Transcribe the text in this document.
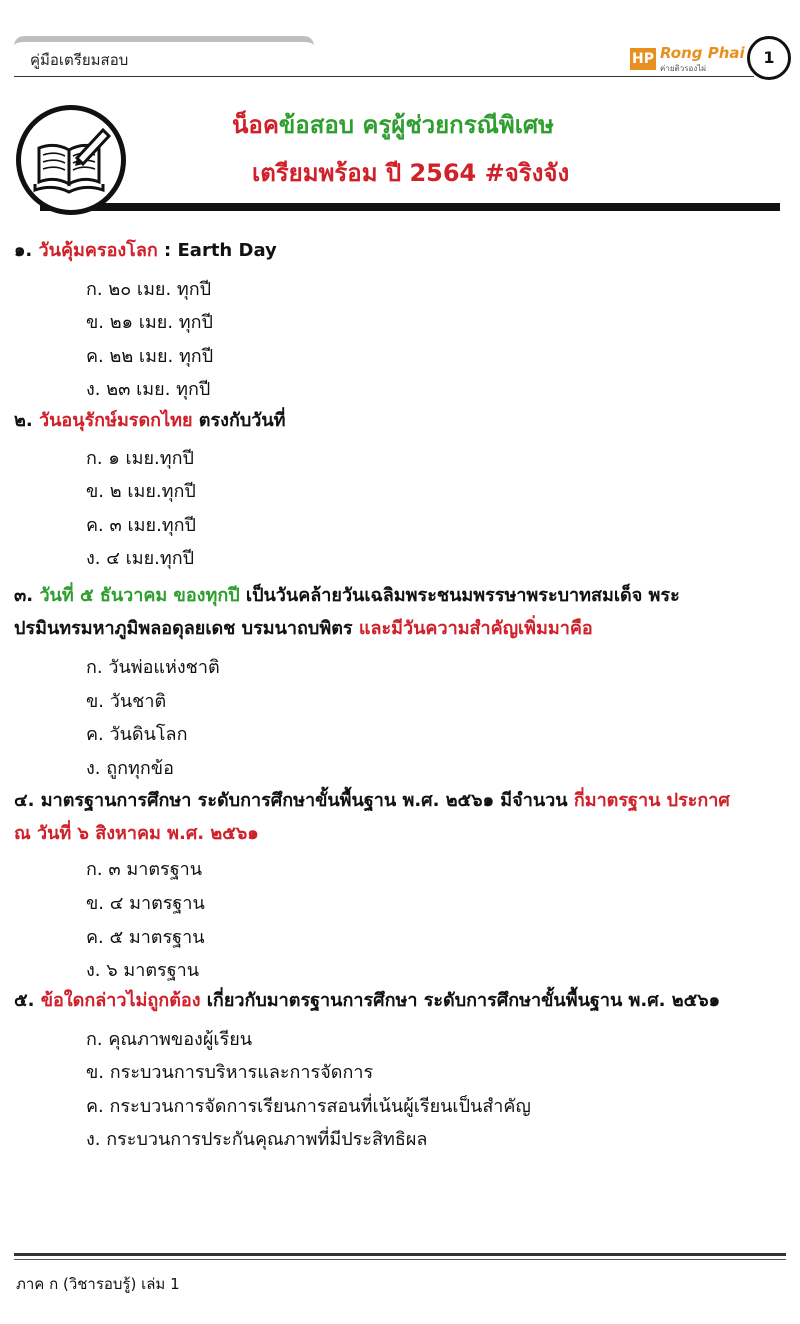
คู่มือเตรียมสอบ	HP Rong Phai
ค่ายติวรองไผ่
1
น็อคข้อสอบ ครูผู้ช่วยกรณีพิเศษ
เตรียมพร้อม ปี 2564 #จริงจัง
๑. วันคุ้มครองโลก : Earth Day
ก. ๒๐ เมย. ทุกปี
ข. ๒๑ เมย. ทุกปี
ค. ๒๒ เมย. ทุกปี
ง. ๒๓ เมย. ทุกปี
๒. วันอนุรักษ์มรดกไทย ตรงกับวันที่
ก. ๑ เมย.ทุกปี
ข. ๒ เมย.ทุกปี
ค. ๓ เมย.ทุกปี
ง. ๔ เมย.ทุกปี
๓. วันที่ ๕ ธันวาคม ของทุกปี เป็นวันคล้ายวันเฉลิมพระชนมพรรษาพระบาทสมเด็จ พระ
ปรมินทรมหาภูมิพลอดุลยเดช บรมนาถบพิตร และมีวันความสำคัญเพิ่มมาคือ
ก. วันพ่อแห่งชาติ
ข. วันชาติ
ค. วันดินโลก
ง. ถูกทุกข้อ
๔. มาตรฐานการศึกษา ระดับการศึกษาขั้นพื้นฐาน พ.ศ. ๒๕๖๑ มีจำนวน กี่มาตรฐาน ประกาศ
ณ วันที่ ๖ สิงหาคม พ.ศ. ๒๕๖๑
ก. ๓ มาตรฐาน
ข. ๔ มาตรฐาน
ค. ๕ มาตรฐาน
ง. ๖ มาตรฐาน
๕. ข้อใดกล่าวไม่ถูกต้อง เกี่ยวกับมาตรฐานการศึกษา ระดับการศึกษาขั้นพื้นฐาน พ.ศ. ๒๕๖๑
ก. คุณภาพของผู้เรียน
ข. กระบวนการบริหารและการจัดการ
ค. กระบวนการจัดการเรียนการสอนที่เน้นผู้เรียนเป็นสำคัญ
ง. กระบวนการประกันคุณภาพที่มีประสิทธิผล
ภาค ก (วิชารอบรู้) เล่ม 1
